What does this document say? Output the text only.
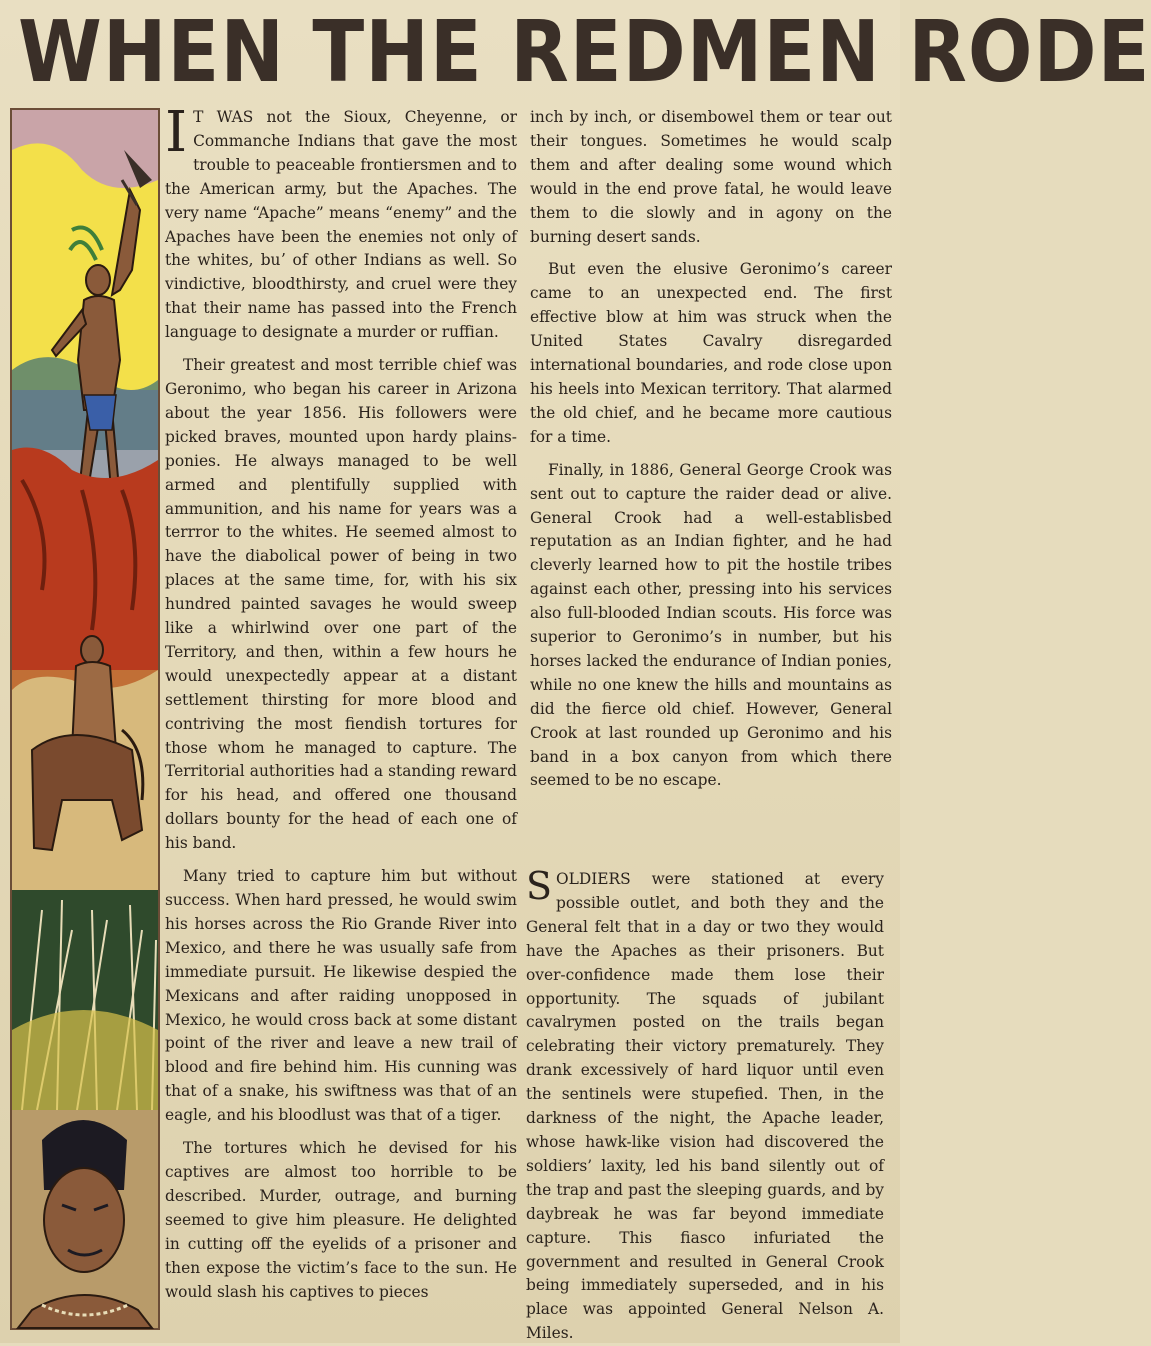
WHEN THE REDMEN RODE

I T WAS not the Sioux, Cheyenne, or Commanche Indians that gave the most trouble to peaceable frontiersmen and to the American army, but the Apaches. The very name “Apache” means “enemy” and the Apaches have been the enemies not only of the whites, buʼ of other Indians as well. So vindictive, bloodthirsty, and cruel were they that their name has passed into the French language to designate a murder or ruffian.

Their greatest and most terrible chief was Geronimo, who began his career in Arizona about the year 1856. His followers were picked braves, mounted upon hardy plains-ponies. He always managed to be well armed and plentifully supplied with ammunition, and his name for years was a terrror to the whites. He seemed almost to have the diabolical power of being in two places at the same time, for, with his six hundred painted savages he would sweep like a whirlwind over one part of the Territory, and then, within a few hours he would unexpectedly appear at a distant settlement thirsting for more blood and contriving the most fiendish tortures for those whom he managed to capture. The Territorial authorities had a standing reward for his head, and offered one thousand dollars bounty for the head of each one of his band.

Many tried to capture him but without success. When hard pressed, he would swim his horses across the Rio Grande River into Mexico, and there he was usually safe from immediate pursuit. He likewise despied the Mexicans and after raiding unopposed in Mexico, he would cross back at some distant point of the river and leave a new trail of blood and fire behind him. His cunning was that of a snake, his swiftness was that of an eagle, and his bloodlust was that of a tiger.

The tortures which he devised for his captives are almost too horrible to be described. Murder, outrage, and burning seemed to give him pleasure. He delighted in cutting off the eyelids of a prisoner and then expose the victim’s face to the sun. He would slash his captives to pieces

inch by inch, or disembowel them or tear out their tongues. Sometimes he would scalp them and after dealing some wound which would in the end prove fatal, he would leave them to die slowly and in agony on the burning desert sands.

But even the elusive Geronimo’s career came to an unexpected end. The first effective blow at him was struck when the United States Cavalry disregarded international boundaries, and rode close upon his heels into Mexican territory. That alarmed the old chief, and he became more cautious for a time.

Finally, in 1886, General George Crook was sent out to capture the raider dead or alive. General Crook had a well-establisbed reputation as an Indian fighter, and he had cleverly learned how to pit the hostile tribes against each other, pressing into his services also full-blooded Indian scouts. His force was superior to Geronimo’s in number, but his horses lacked the endurance of Indian ponies, while no one knew the hills and mountains as did the fierce old chief. However, General Crook at last rounded up Geronimo and his band in a box canyon from which there seemed to be no escape.

SOLDIERS were stationed at every possible outlet, and both they and the General felt that in a day or two they would have the Apaches as their prisoners. But over-confidence made them lose their opportunity. The squads of jubilant cavalrymen posted on the trails began celebrating their victory prematurely. They drank excessively of hard liquor until even the sentinels were stupefied. Then, in the darkness of the night, the Apache leader, whose hawk-like vision had discovered the soldiers’ laxity, led his band silently out of the trap and past the sleeping guards, and by daybreak he was far beyond immediate capture. This fiasco infuriated the government and resulted in General Crook being immediately superseded, and in his place was appointed General Nelson A. Miles.
